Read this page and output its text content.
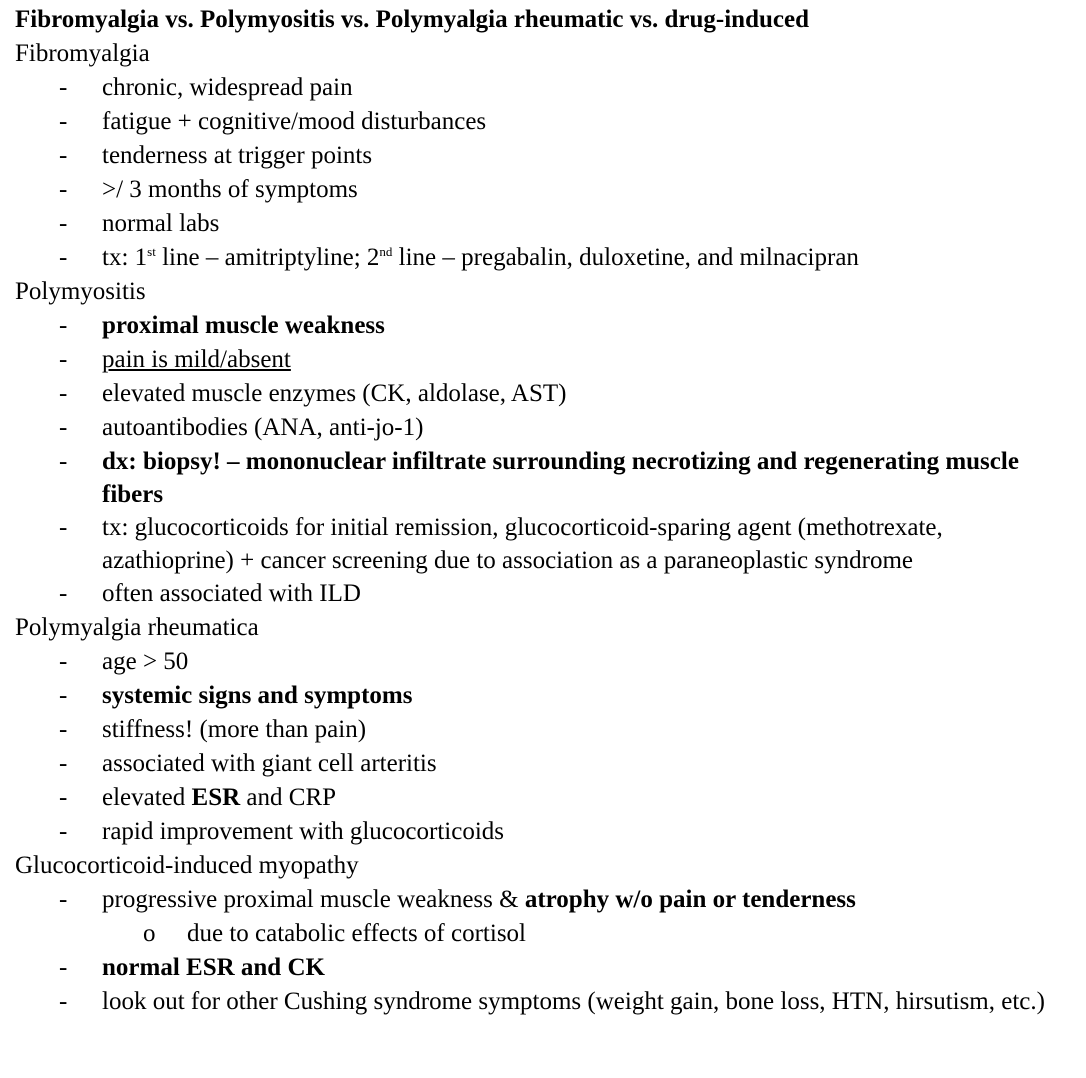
Fibromyalgia vs. Polymyositis vs. Polymyalgia rheumatic vs. drug-induced
Fibromyalgia
- chronic, widespread pain
- fatigue + cognitive/mood disturbances
- tenderness at trigger points
- >/ 3 months of symptoms
- normal labs
- tx: 1st line – amitriptyline; 2nd line – pregabalin, duloxetine, and milnacipran
Polymyositis
- proximal muscle weakness
- pain is mild/absent
- elevated muscle enzymes (CK, aldolase, AST)
- autoantibodies (ANA, anti-jo-1)
- dx: biopsy! – mononuclear infiltrate surrounding necrotizing and regenerating muscle fibers
- tx: glucocorticoids for initial remission, glucocorticoid-sparing agent (methotrexate, azathioprine) + cancer screening due to association as a paraneoplastic syndrome
- often associated with ILD
Polymyalgia rheumatica
- age > 50
- systemic signs and symptoms
- stiffness! (more than pain)
- associated with giant cell arteritis
- elevated ESR and CRP
- rapid improvement with glucocorticoids
Glucocorticoid-induced myopathy
- progressive proximal muscle weakness & atrophy w/o pain or tenderness
o due to catabolic effects of cortisol
- normal ESR and CK
- look out for other Cushing syndrome symptoms (weight gain, bone loss, HTN, hirsutism, etc.)
